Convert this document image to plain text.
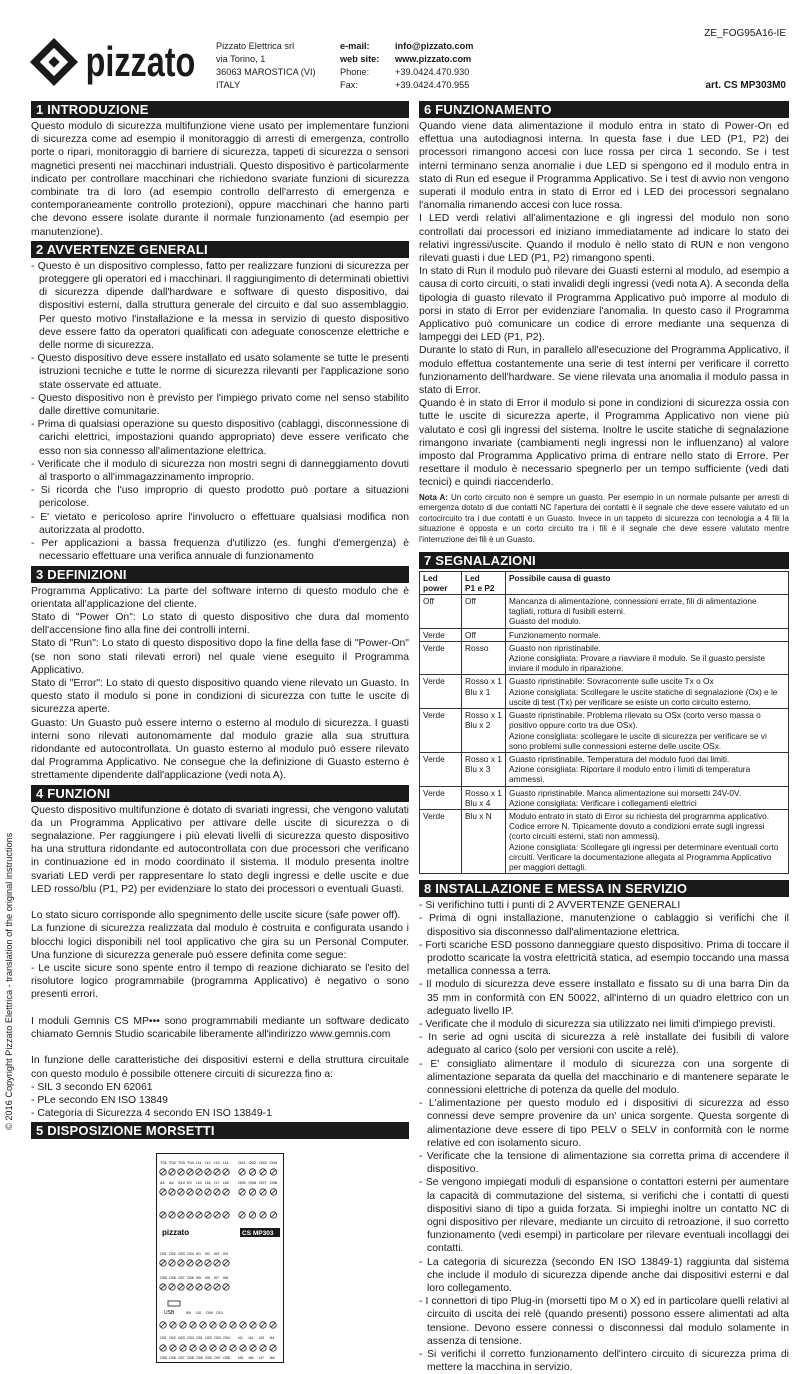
ZE_FOG95A16-IE
pizzato Pizzato Elettrica srl
via Torino, 1
36063 MAROSTICA (VI)
ITALY
e-mail:	info@pizzato.com
web site:	www.pizzato.com
Phone:	+39.0424.470.930
Fax:	+39.0424.470.955	art. CS MP303M0
© 2016 Copyright Pizzato Elettrica - translation of the original instructions
1 INTRODUZIONE

Questo modulo di sicurezza multifunzione viene usato per implementare funzioni di sicurezza come ad esempio il monitoraggio di arresti di emergenza, controllo porte o ripari, monitoraggio di barriere di sicurezza, tappeti di sicurezza o sensori magnetici presenti nei macchinari industriali. Questo dispositivo è particolarmente indicato per controllare macchinari che richiedono svariate funzioni di sicurezza combinate tra di loro (ad esempio controllo dell'arresto di emergenza e contemporaneamente controllo protezioni), oppure macchinari che hanno parti che devono essere isolate durante il normale funzionamento (ad esempio per manutenzione).

2 AVVERTENZE GENERALI
- Questo è un dispositivo complesso, fatto per realizzare funzioni di sicurezza per proteggere gli operatori ed i macchinari. Il raggiungimento di determinati obiettivi di sicurezza dipende dall'hardware e software di questo dispositivo, dai dispositivi esterni, dalla struttura generale del circuito e dal suo assemblaggio. Per questo motivo l'installazione e la messa in servizio di questo dispositivo deve essere fatto da operatori qualificati con adeguate conoscenze elettriche e delle norme di sicurezza.
- Questo dispositivo deve essere installato ed usato solamente se tutte le presenti istruzioni tecniche e tutte le norme di sicurezza rilevanti per l'applicazione sono state osservate ed attuate.
- Questo dispositivo non è previsto per l'impiego privato come nel senso stabilito dalle direttive comunitarie.
- Prima di qualsiasi operazione su questo dispositivo (cablaggi, disconnessione di carichi elettrici, impostazioni quando appropriato) deve essere verificato che esso non sia connesso all'alimentazione elettrica.
- Verificate che il modulo di sicurezza non mostri segni di danneggiamento dovuti al trasporto o all'immagazzinamento improprio.
- Si ricorda che l'uso improprio di questo prodotto può portare a situazioni pericolose.
- E' vietato e pericoloso aprire l'involucro o effettuare qualsiasi modifica non autorizzata al prodotto.
- Per applicazioni a bassa frequenza d'utilizzo (es. funghi d'emergenza) è necessario effettuare una verifica annuale di funzionamento
3 DEFINIZIONI

Programma Applicativo: La parte del software interno di questo modulo che è orientata all'applicazione del cliente.
Stato di "Power On": Lo stato di questo dispositivo che dura dal momento dell'accensione fino alla fine dei controlli interni.
Stato di "Run": Lo stato di questo dispositivo dopo la fine della fase di "Power-On" (se non sono stati rilevati errori) nel quale viene eseguito il Programma Applicativo.
Stato di "Error": Lo stato di questo dispositivo quando viene rilevato un Guasto. In questo stato il modulo si pone in condizioni di sicurezza con tutte le uscite di sicurezza aperte.
Guasto: Un Guasto può essere interno o esterno al modulo di sicurezza. I guasti interni sono rilevati autonomamente dal modulo grazie alla sua struttura ridondante ed autocontrollata. Un guasto esterno al modulo può essere rilevato dal Programma Applicativo. Ne consegue che la definizione di Guasto esterno è strettamente dipendente dall'applicazione (vedi nota A).

4 FUNZIONI

Questo dispositivo multifunzione è dotato di svariati ingressi, che vengono valutati da un Programma Applicativo per attivare delle uscite di sicurezza o di segnalazione. Per raggiungere i più elevati livelli di sicurezza questo dispositivo ha una struttura ridondante ed autocontrollata con due processori che verificano in continuazione ed in modo coordinato il sistema. Il modulo presenta inoltre svariati LED verdi per rappresentare lo stato degli ingressi e delle uscite e due LED rosso/blu (P1, P2) per evidenziare lo stato dei processori o eventuali Guasti.

Lo stato sicuro corrisponde allo spegnimento delle uscite sicure (safe power off).
La funzione di sicurezza realizzata dal modulo è costruita e configurata usando i blocchi logici disponibili nel tool applicativo che gira su un Personal Computer. Una funzione di sicurezza generale può essere definita come segue:
- Le uscite sicure sono spente entro il tempo di reazione dichiarato se l'esito del risolutore logico programmabile (programma Applicativo) è negativo o sono presenti errori.

I moduli Gemnis CS MP••• sono programmabili mediante un software dedicato chiamato Gemnis Studio scaricabile liberamente all'indirizzo www.gemnis.com

In funzione delle caratteristiche dei dispositivi esterni e della struttura circuitale con questo modulo è possibile ottenere circuiti di sicurezza fino a:
- SIL 3 secondo EN 62061
- PLe secondo EN ISO 13849
- Categoria di Sicurezza 4 secondo EN ISO 13849-1

5 DISPOSIZIONE MORSETTI
T01 T02 T03 T04 I11 I12 I13 I14 O01 O02 O03 O04
A1 A2 24V 0V I15 I16 I17 I18 O05 O06 O07 O08
O01 O02 O03 O04 I01 I02 I03 I04
O05 O06 O07 O08 I05 I06 I07 I08
I09 I10 O09 O10
O01 O02 O03 O04 O01 O02 O03 O04 I41 I42 I43 I44
O05 O06 O07 O08 O05 O06 O07 O08 I45 I46 I47 I48
pizzato	CS MP303
USB
6 FUNZIONAMENTO

Quando viene data alimentazione il modulo entra in stato di Power-On ed effettua una autodiagnosi interna. In questa fase i due LED (P1, P2) dei processori rimangono accesi con luce rossa per circa 1 secondo. Se i test interni terminano senza anomalie i due LED si spengono ed il modulo entra in stato di Run ed esegue il Programma Applicativo. Se i test di avvio non vengono superati il modulo entra in stato di Error ed i LED dei processori segnalano l'anomalia rimanendo accesi con luce rossa.
I LED verdi relativi all'alimentazione e gli ingressi del modulo non sono controllati dai processori ed iniziano immediatamente ad indicare lo stato dei relativi ingressi/uscite. Quando il modulo è nello stato di RUN e non vengono rilevati guasti i due LED (P1, P2) rimangono spenti.
In stato di Run il modulo può rilevare dei Guasti esterni al modulo, ad esempio a causa di corto circuiti, o stati invalidi degli ingressi (vedi nota A). A seconda della tipologia di guasto rilevato il Programma Applicativo può imporre al modulo di porsi in stato di Error per evidenziare l'anomalia. In questo caso il Programma Applicativo può comunicare un codice di errore mediante una sequenza di lampeggi dei LED (P1, P2).
Durante lo stato di Run, in parallelo all'esecuzione del Programma Applicativo, il modulo effettua costantemente una serie di test interni per verificare il corretto funzionamento dell'hardware. Se viene rilevata una anomalia il modulo passa in stato di Error.
Quando è in stato di Error il modulo si pone in condizioni di sicurezza ossia con tutte le uscite di sicurezza aperte, il Programma Applicativo non viene più valutato e così gli ingressi del sistema. Inoltre le uscite statiche di segnalazione rimangono invariate (cambiamenti negli ingressi non le influenzano) al valore imposto dal Programma Applicativo prima di entrare nello stato di Errore. Per resettare il modulo è necessario spegnerlo per un tempo sufficiente (vedi dati tecnici) e quindi riaccenderlo.

Nota A: Un corto circuito non è sempre un guasto. Per esempio in un normale pulsante per arresti di emergenza dotato di due contatti NC l'apertura dei contatti è il segnale che deve essere valutato ed un cortocircuito tra i due contatti è un Guasto. Invece in un tappeto di sicurezza con tecnologia a 4 fili la situazione è opposta e un corto circuito tra i fili è il segnale che deve essere valutato mentre l'interruzione dei fili è un Guasto.
7 SEGNALAZIONI
Led
power	Led
P1 e P2	Possibile causa di guasto
Off	Off	Mancanza di alimentazione, connessioni errate, fili di alimentazione tagliati, rottura di fusibili esterni.
Guasto del modulo.
Verde	Off	Funzionamento normale.
Verde	Rosso	Guasto non ripristinabile.
Azione consigliata: Provare a riavviare il modulo. Se il guasto persiste inviare il modulo in riparazione.
Verde	Rosso x 1
Blu x 1	Guasto ripristinabile: Sovracorrente sulle uscite Tx o Ox
Azione consigliata: Scollegare le uscite statiche di segnalazione (Ox) e le uscite di test (Tx) per verificare se esiste un corto circuito esterno.
Verde	Rosso x 1
Blu x 2	Guasto ripristinabile. Problema rilevato su OSx (corto verso massa o positivo oppure corto tra due OSx).
Azione consigliata: scollegare le uscite di sicurezza per verificare se vi sono problemi sulle connessioni esterne delle uscite OSx.
Verde	Rosso x 1
Blu x 3	Guasto ripristinabile. Temperatura del modulo fuori dai limiti.
Azione consigliata: Riportare il modulo entro i limiti di temperatura ammessi.
Verde	Rosso x 1
Blu x 4	Guasto ripristinabile. Manca alimentazione sui morsetti 24V-0V.
Azione consigliata: Verificare i collegamenti elettrici
Verde	Blu x N	Modulo entrato in stato di Error su richiesta del programma applicativo. Codice errore N. Tipicamente dovuto a condizioni errate sugli ingressi (corto circuiti esterni, stati non ammessi).
Azione consigliata: Scollegare gli ingressi per determinare eventuali corto circuiti. Verificare la documentazione allegata al Programma Applicativo per maggiori dettagli.
8 INSTALLAZIONE E MESSA IN SERVIZIO
- Si verifichino tutti i punti di 2 AVVERTENZE GENERALI
- Prima di ogni installazione, manutenzione o cablaggio si verifichi che il dispositivo sia disconnesso dall'alimentazione elettrica.
- Forti scariche ESD possono danneggiare questo dispositivo. Prima di toccare il prodotto scaricate la vostra elettricità statica, ad esempio toccando una massa metallica connessa a terra.
- Il modulo di sicurezza deve essere installato e fissato su di una barra Din da 35 mm in conformità con EN 50022, all'interno di un quadro elettrico con un adeguato livello IP.
- Verificate che il modulo di sicurezza sia utilizzato nei limiti d'impiego previsti.
- In serie ad ogni uscita di sicurezza a relè installate dei fusibili di valore adeguato al carico (solo per versioni con uscite a relè).
- E' consigliato alimentare il modulo di sicurezza con una sorgente di alimentazione separata da quella del macchinario e di mantenere separate le connessioni elettriche di potenza da quelle del modulo.
- L'alimentazione per questo modulo ed i dispositivi di sicurezza ad esso connessi deve sempre provenire da un' unica sorgente. Questa sorgente di alimentazione deve essere di tipo PELV o SELV in conformità con le norme relative ed con isolamento sicuro.
- Verificate che la tensione di alimentazione sia corretta prima di accendere il dispositivo.
- Se vengono impiegati moduli di espansione o contattori esterni per aumentare la capacità di commutazione del sistema, si verifichi che i contatti di questi dispositivi siano di tipo a guida forzata. Si impieghi inoltre un contatto NC di ogni dispositivo per rilevare, mediante un circuito di retroazione, il suo corretto funzionamento (vedi esempi) in particolare per rilevare eventuali incollaggi dei contatti.
- La categoria di sicurezza (secondo EN ISO 13849-1) raggiunta dal sistema che include il modulo di sicurezza dipende anche dai dispositivi esterni e dal loro collegamento.
- I connettori di tipo Plug-in (morsetti tipo M o X) ed in particolare quelli relativi al circuito di uscita dei relè (quando presenti) possono essere alimentati ad alta tensione. Devono essere connessi o disconnessi dal modulo solamente in assenza di tensione.
- Si verifichi il corretto funzionamento dell'intero circuito di sicurezza prima di mettere la macchina in servizio.
